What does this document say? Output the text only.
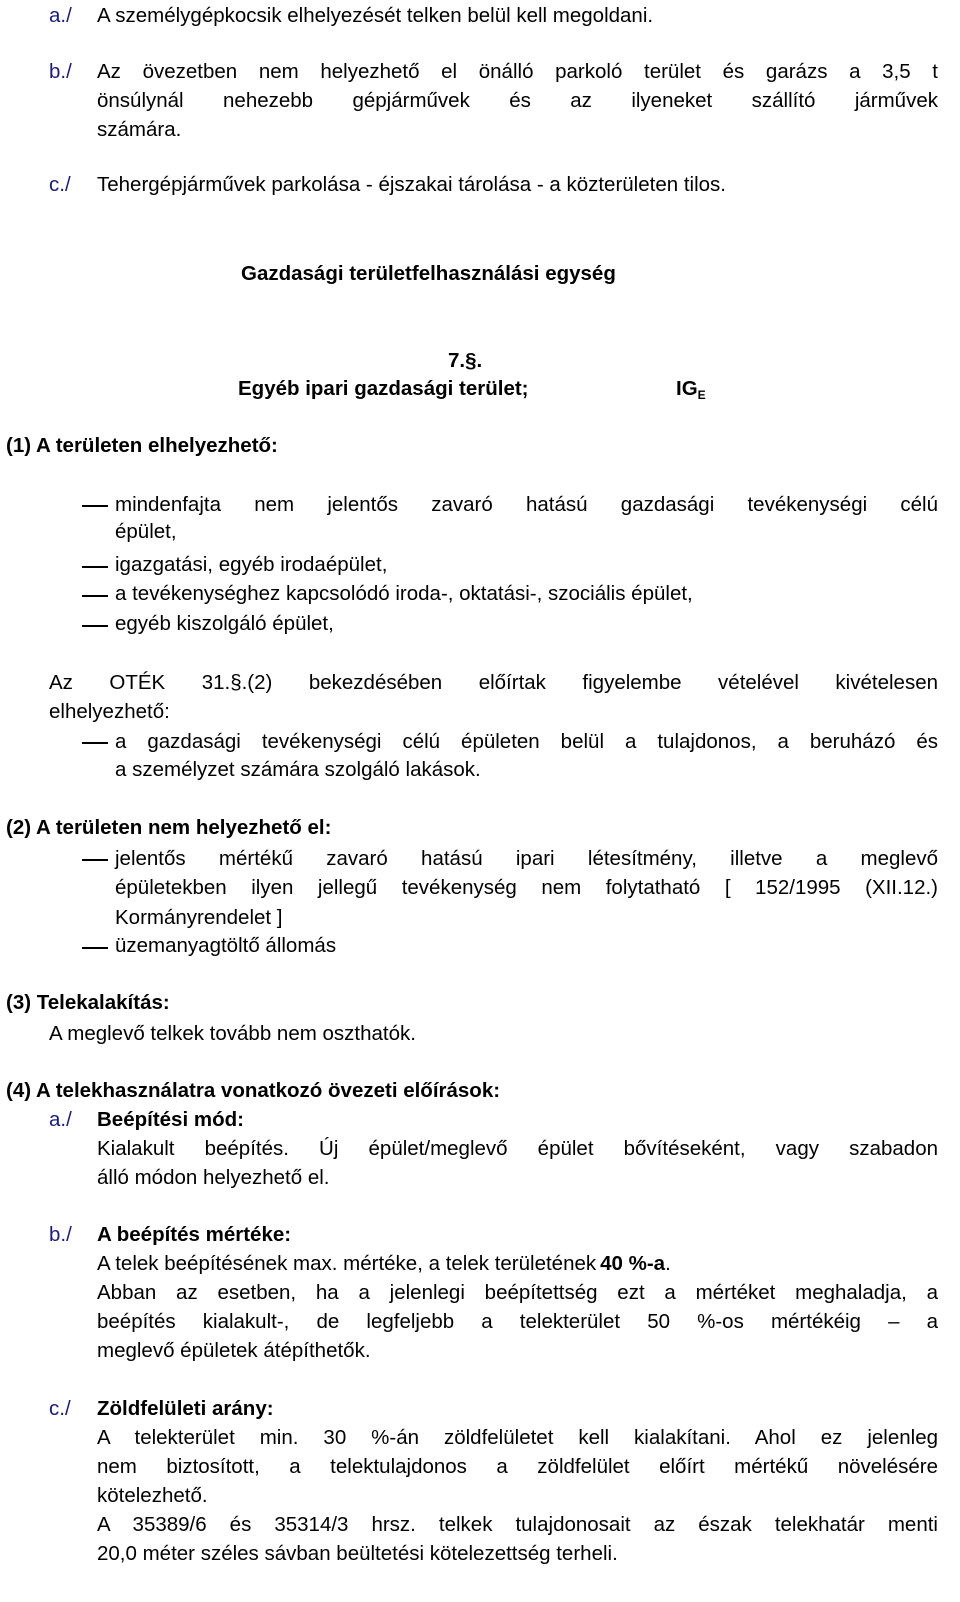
a./ A személygépkocsik elhelyezését telken belül kell megoldani.
b./ Az övezetben nem helyezhető el önálló parkoló terület és garázs a 3,5 t
önsúlynál nehezebb gépjárművek és az ilyeneket szállító járművek
számára.
c./ Tehergépjárművek parkolása - éjszakai tárolása - a közterületen tilos.
Gazdasági területfelhasználási egység
7.§.
Egyéb ipari gazdasági terület;	IGE
(1) A területen elhelyezhető:
mindenfajta nem jelentős zavaró hatású gazdasági tevékenységi célú
épület,
igazgatási, egyéb irodaépület,
a tevékenységhez kapcsolódó iroda-, oktatási-, szociális épület,
egyéb kiszolgáló épület,
Az OTÉK 31.§.(2) bekezdésében előírtak figyelembe vételével kivételesen
elhelyezhető:
a gazdasági tevékenységi célú épületen belül a tulajdonos, a beruházó és
a személyzet számára szolgáló lakások.
(2) A területen nem helyezhető el:
jelentős mértékű zavaró hatású ipari létesítmény, illetve a meglevő
épületekben ilyen jellegű tevékenység nem folytatható [ 152/1995 (XII.12.)
Kormányrendelet ]
üzemanyagtöltő állomás
(3) Telekalakítás:
A meglevő telkek tovább nem oszthatók.
(4) A telekhasználatra vonatkozó övezeti előírások:
a./ Beépítési mód:
Kialakult beépítés. Új épület/meglevő épület bővítéseként, vagy szabadon
álló módon helyezhető el.
b./ A beépítés mértéke:
A telek beépítésének max. mértéke, a telek területének 40 %-a.
Abban az esetben, ha a jelenlegi beépítettség ezt a mértéket meghaladja, a
beépítés kialakult-, de legfeljebb a telekterület 50 %-os mértékéig – a
meglevő épületek átépíthetők.
c./ Zöldfelületi arány:
A telekterület min. 30 %-án zöldfelületet kell kialakítani. Ahol ez jelenleg
nem biztosított, a telektulajdonos a zöldfelület előírt mértékű növelésére
kötelezhető.
A 35389/6 és 35314/3 hrsz. telkek tulajdonosait az észak telekhatár menti
20,0 méter széles sávban beültetési kötelezettség terheli.
